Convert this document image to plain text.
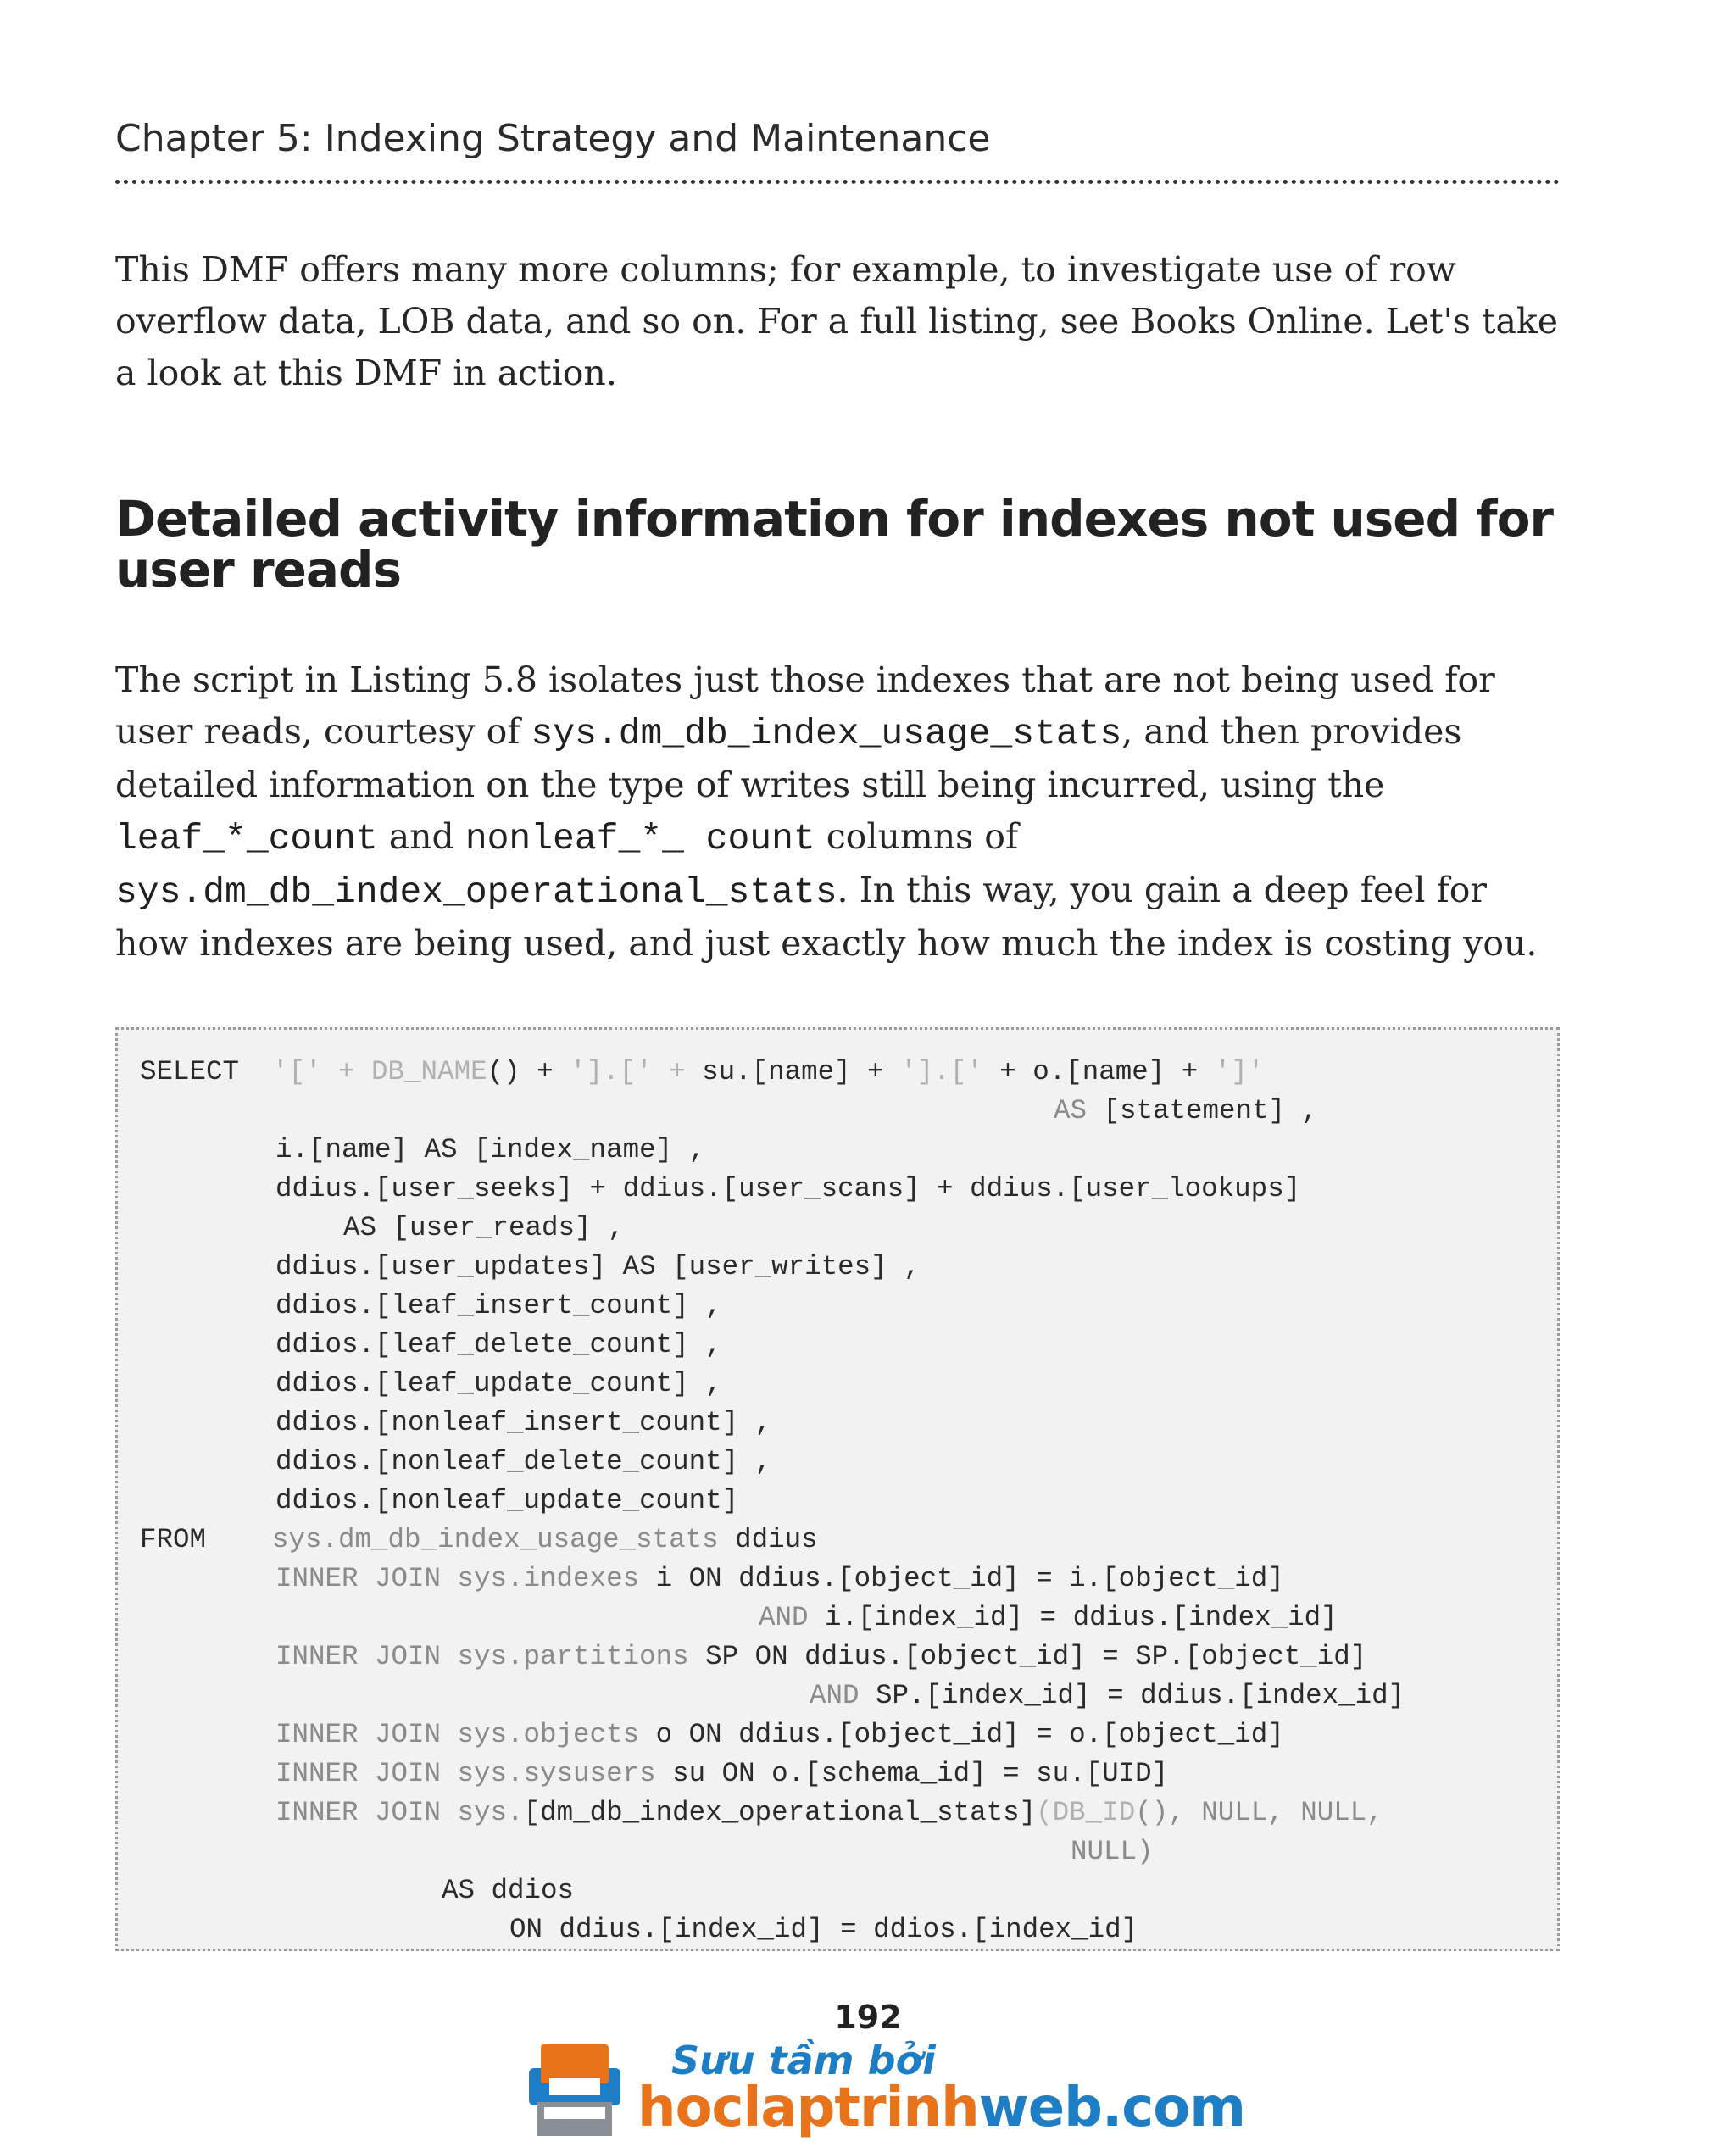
Chapter 5: Indexing Strategy and Maintenance

This DMF offers many more columns; for example, to investigate use of row overflow data, LOB data, and so on. For a full listing, see Books Online. Let's take a look at this DMF in action.

Detailed activity information for indexes not used for user reads

The script in Listing 5.8 isolates just those indexes that are not being used for user reads, courtesy of sys.dm_db_index_usage_stats, and then provides detailed information on the type of writes still being incurred, using the leaf_*_count and nonleaf_*_ count columns of sys.dm_db_index_operational_stats. In this way, you gain a deep feel for how indexes are being used, and just exactly how much the index is costing you.

SELECT  '[' + DB_NAME() + '].[' + su.[name] + '].[' + o.[name] + ']'
AS [statement] ,
i.[name] AS [index_name] ,
ddius.[user_seeks] + ddius.[user_scans] + ddius.[user_lookups]
AS [user_reads] ,
ddius.[user_updates] AS [user_writes] ,
ddios.[leaf_insert_count] ,
ddios.[leaf_delete_count] ,
ddios.[leaf_update_count] ,
ddios.[nonleaf_insert_count] ,
ddios.[nonleaf_delete_count] ,
ddios.[nonleaf_update_count]
FROM    sys.dm_db_index_usage_stats ddius
INNER JOIN sys.indexes i ON ddius.[object_id] = i.[object_id]
AND i.[index_id] = ddius.[index_id]
INNER JOIN sys.partitions SP ON ddius.[object_id] = SP.[object_id]
AND SP.[index_id] = ddius.[index_id]
INNER JOIN sys.objects o ON ddius.[object_id] = o.[object_id]
INNER JOIN sys.sysusers su ON o.[schema_id] = su.[UID]
INNER JOIN sys.[dm_db_index_operational_stats](DB_ID(), NULL, NULL,
NULL)
AS ddios
ON ddius.[index_id] = ddios.[index_id]
192
Sưu tầm bởi
hoclaptrinhweb.com
